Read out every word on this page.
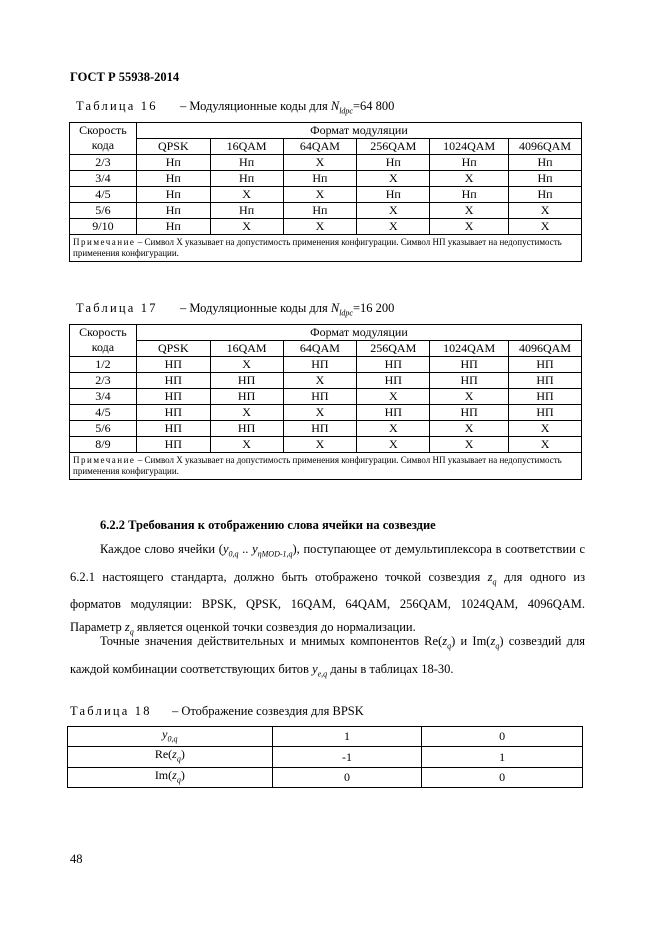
ГОСТ Р 55938-2014
Таблица 16 – Модуляционные коды для $N_{ldpc}=64$ 800
Скорость кода	Формат модуляции					
	QPSK	16QAM	64QAM	256QAM	1024QAM	4096QAM
2/3	Нп	Нп	X	Нп	Нп	Нп
3/4	Нп	Нп	Нп	X	X	Нп
4/5	Нп	X	X	Нп	Нп	Нп
5/6	Нп	Нп	Нп	X	X	X
9/10	Нп	X	X	X	X	X
Примечание – Символ X указывает на допустимость применения конфигурации. Символ НП указывает на недопустимость применения конфигурации.						
Таблица 17 – Модуляционные коды для $N_{ldpc}=16$ 200
Скорость кода	Формат модуляции					
	QPSK	16QAM	64QAM	256QAM	1024QAM	4096QAM
1/2	НП	X	НП	НП	НП	НП
2/3	НП	НП	X	НП	НП	НП
3/4	НП	НП	НП	X	X	НП
4/5	НП	X	X	НП	НП	НП
5/6	НП	НП	НП	X	X	X
8/9	НП	X	X	X	X	X
Примечание – Символ X указывает на допустимость применения конфигурации. Символ НП указывает на недопустимость применения конфигурации.						
6.2.2 Требования к отображению слова ячейки на созвездие
Каждое слово ячейки ($y_{0,q}$ .. $y_{\eta MOD-1,q}$), поступающее от демультиплексора в соответствии с 6.2.1 настоящего стандарта, должно быть отображено точкой созвездия $z_q$ для одного из форматов модуляции: BPSK, QPSK, 16QAM, 64QAM, 256QAM, 1024QAM, 4096QAM. Параметр $z_q$ является оценкой точки созвездия до нормализации.
Точные значения действительных и мнимых компонентов $Re(z_q)$ и $Im(z_q)$ созвездий для каждой комбинации соответствующих битов $y_{e,q}$ даны в таблицах 18-30.
Таблица 18 – Отображение созвездия для BPSK
$y_{0,q}$	1	0
$Re(z_q)$	-1	1
$Im(z_q)$	0	0
48
